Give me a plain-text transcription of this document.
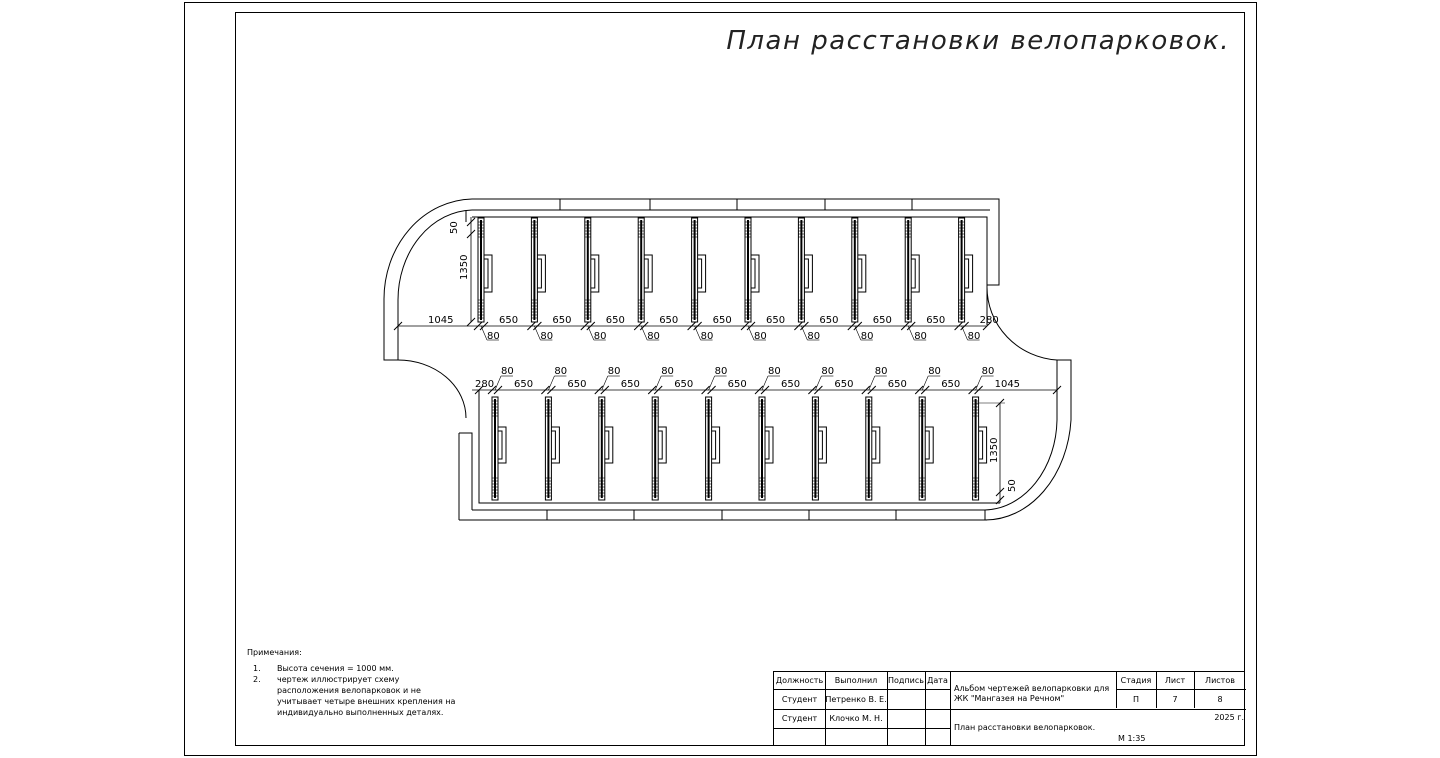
План расстановки велопарковок.
1045	650
80
650
80
650
80
650
80
650
80
650
80
650
80
650
80
650
80
280
80
50
1350
280 650
80
650
80
650
80
650
80
650
80
650
80
650
80
650
80
650
80
1045
80
1350
50
Примечания:
1.	Высота сечения = 1000 мм.
2.	чертеж иллюстрирует схему расположения велопарковок и не учитывает четыре внешних крепления на индивидуально выполненных деталях.
Должность	Выполнил	Подпись Дата
Студент	Петренко В. Е.
Студент	Клочко М. Н.
Альбом чертежей велопарковки для ЖК "Мангазея на Речном"
Стадия	Лист	Листов
П	7	8
2025 г.
План расстановки велопарковок.
М 1:35
